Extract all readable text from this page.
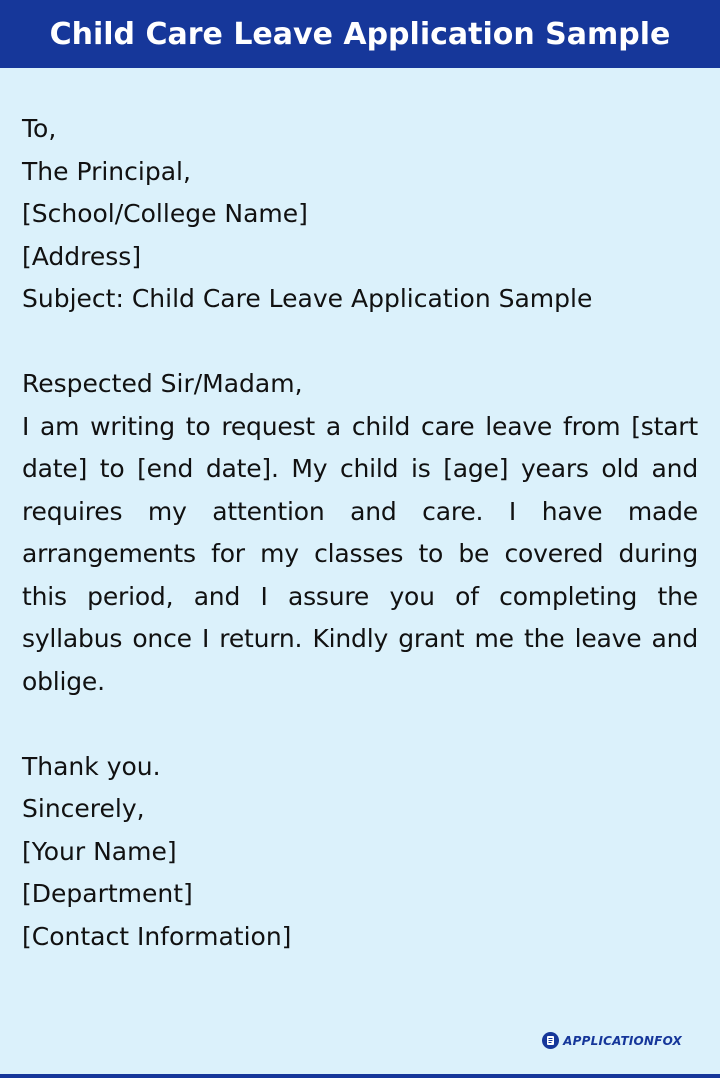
Child Care Leave Application Sample
To,
The Principal,
[School/College Name]
[Address]
Subject: Child Care Leave Application Sample
Respected Sir/Madam,
I am writing to request a child care leave from [start date] to [end date]. My child is [age] years old and requires my attention and care. I have made arrangements for my classes to be covered during this period, and I assure you of completing the syllabus once I return. Kindly grant me the leave and oblige.
Thank you.
Sincerely,
[Your Name]
[Department]
[Contact Information]
APPLICATIONFOX
